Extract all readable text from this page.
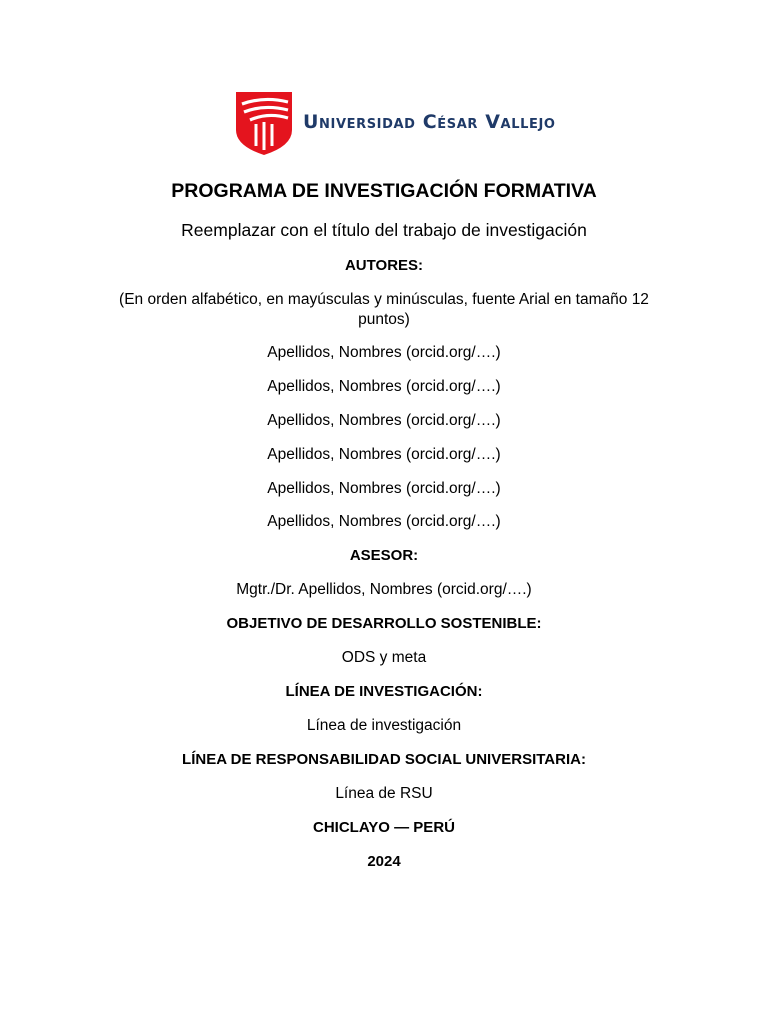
Universidad César Vallejo
PROGRAMA DE INVESTIGACIÓN FORMATIVA
Reemplazar con el título del trabajo de investigación
AUTORES:
(En orden alfabético, en mayúsculas y minúsculas, fuente Arial en tamaño 12 puntos)
Apellidos, Nombres (orcid.org/….)
Apellidos, Nombres (orcid.org/….)
Apellidos, Nombres (orcid.org/….)
Apellidos, Nombres (orcid.org/….)
Apellidos, Nombres (orcid.org/….)
Apellidos, Nombres (orcid.org/….)
ASESOR:
Mgtr./Dr. Apellidos, Nombres (orcid.org/….)
OBJETIVO DE DESARROLLO SOSTENIBLE:
ODS y meta
LÍNEA DE INVESTIGACIÓN:
Línea de investigación
LÍNEA DE RESPONSABILIDAD SOCIAL UNIVERSITARIA:
Línea de RSU
CHICLAYO — PERÚ
2024
